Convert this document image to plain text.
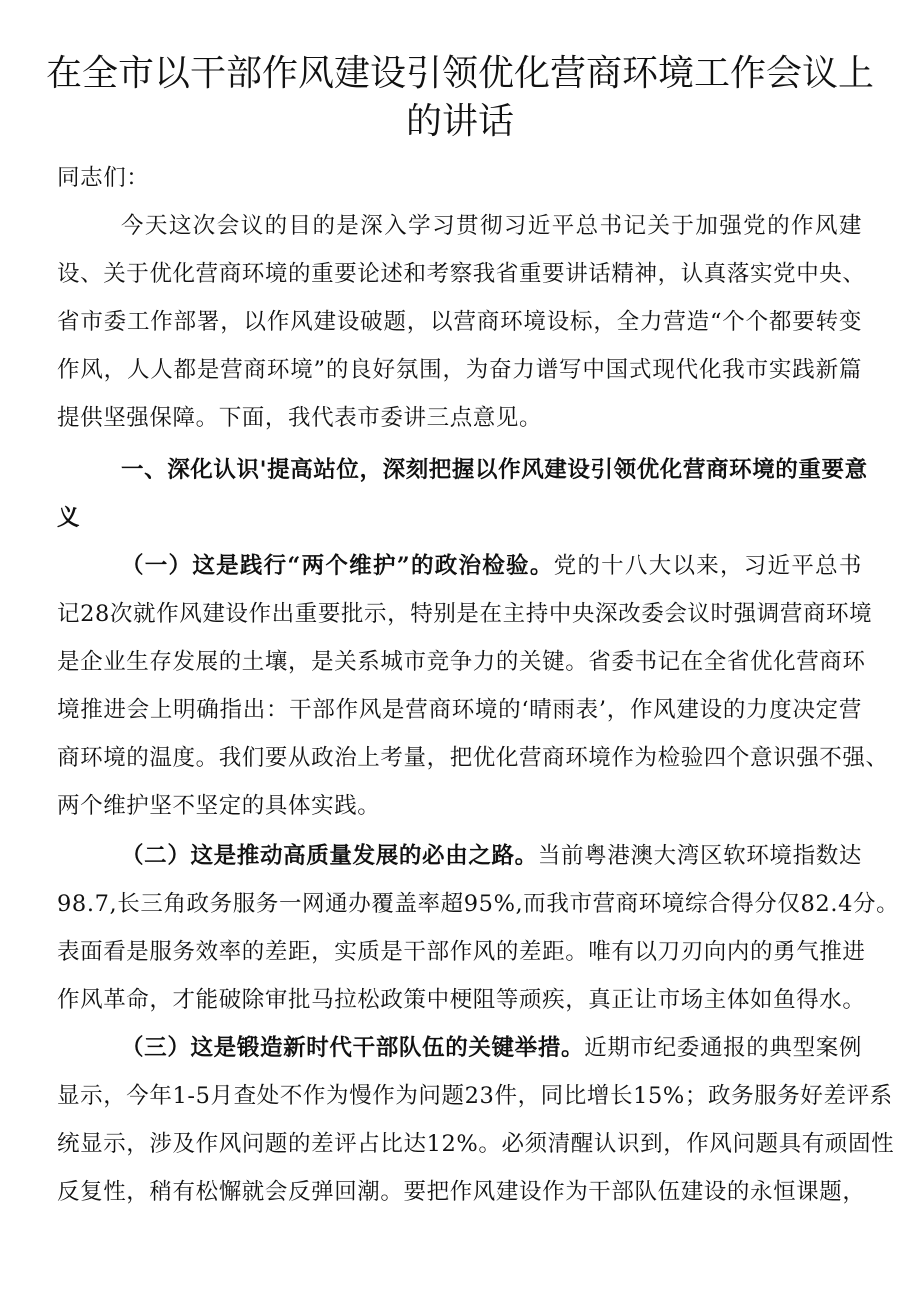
在全市以干部作风建设引领优化营商环境工作会议上
的讲话
同志们：
今天这次会议的目的是深入学习贯彻习近平总书记关于加强党的作风建
设、关于优化营商环境的重要论述和考察我省重要讲话精神，认真落实党中央、
省市委工作部署，以作风建设破题，以营商环境设标，全力营造“个个都要转变
作风，人人都是营商环境”的良好氛围，为奋力谱写中国式现代化我市实践新篇
提供坚强保障。下面，我代表市委讲三点意见。
一、深化认识'提高站位，深刻把握以作风建设引领优化营商环境的重要意
义
（一）这是践行“两个维护”的政治检验。党的十八大以来，习近平总书
记28次就作风建设作出重要批示，特别是在主持中央深改委会议时强调营商环境
是企业生存发展的土壤，是关系城市竞争力的关键。省委书记在全省优化营商环
境推进会上明确指出：干部作风是营商环境的‘晴雨表’，作风建设的力度决定营
商环境的温度。我们要从政治上考量，把优化营商环境作为检验四个意识强不强、
两个维护坚不坚定的具体实践。
（二）这是推动高质量发展的必由之路。当前粤港澳大湾区软环境指数达
98.7,长三角政务服务一网通办覆盖率超95%,而我市营商环境综合得分仅82.4分。
表面看是服务效率的差距，实质是干部作风的差距。唯有以刀刃向内的勇气推进
作风革命，才能破除审批马拉松政策中梗阻等顽疾，真正让市场主体如鱼得水。
（三）这是锻造新时代干部队伍的关键举措。近期市纪委通报的典型案例
显示，今年1-5月查处不作为慢作为问题23件，同比增长15%；政务服务好差评系
统显示，涉及作风问题的差评占比达12%。必须清醒认识到，作风问题具有顽固性
反复性，稍有松懈就会反弹回潮。要把作风建设作为干部队伍建设的永恒课题，
